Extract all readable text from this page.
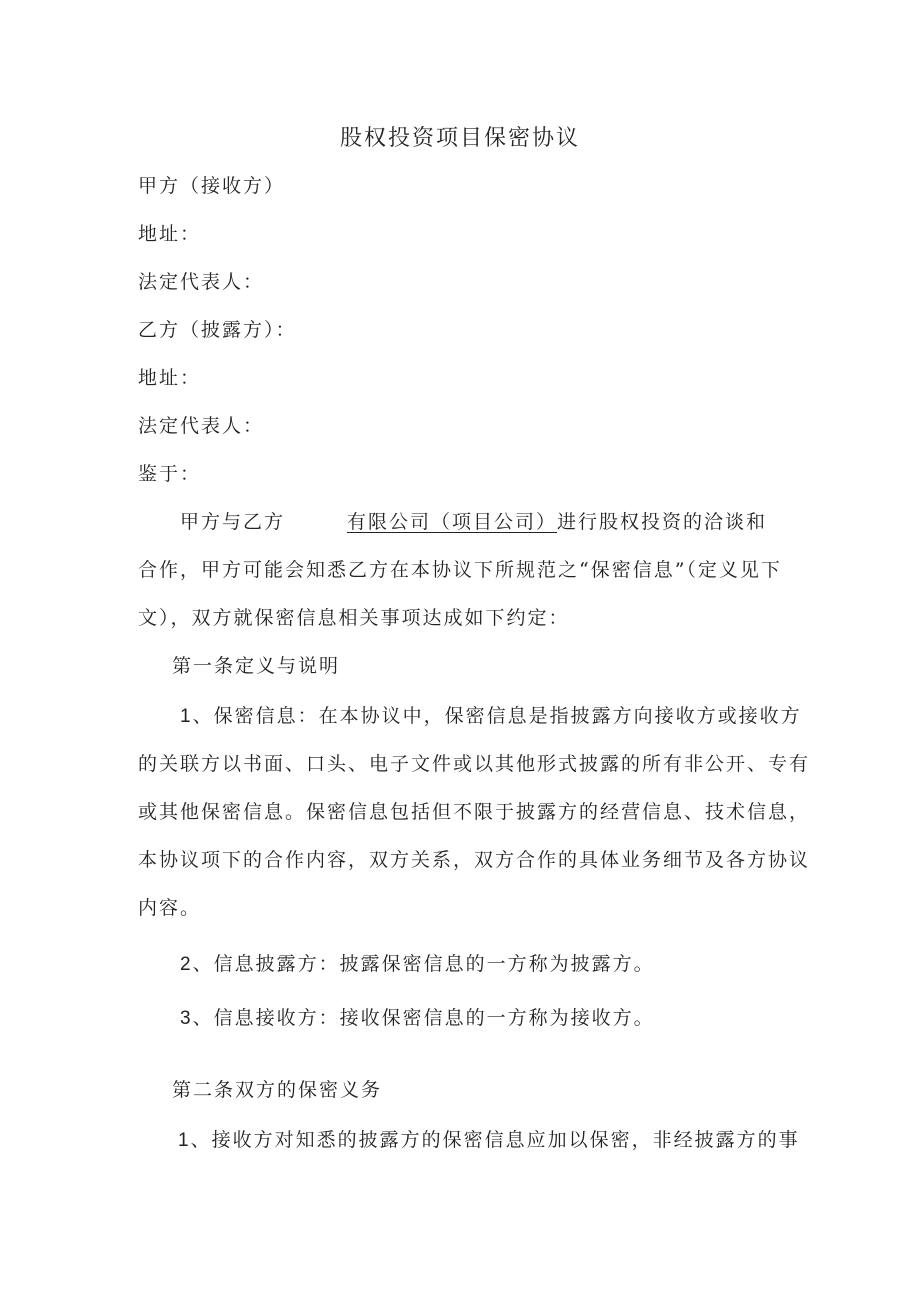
股权投资项目保密协议
甲方（接收方）
地址：
法定代表人：
乙方（披露方）：
地址：
法定代表人：
鉴于：
甲方与乙方	有限公司（项目公司）进行股权投资的洽谈和
合作，甲方可能会知悉乙方在本协议下所规范之“保密信息”（定义见下
文），双方就保密信息相关事项达成如下约定：
第一条定义与说明
1、保密信息：在本协议中，保密信息是指披露方向接收方或接收方
的关联方以书面、口头、电子文件或以其他形式披露的所有非公开、专有
或其他保密信息。保密信息包括但不限于披露方的经营信息、技术信息，
本协议项下的合作内容，双方关系，双方合作的具体业务细节及各方协议
内容。
2、信息披露方：披露保密信息的一方称为披露方。
3、信息接收方：接收保密信息的一方称为接收方。
第二条双方的保密义务
1、接收方对知悉的披露方的保密信息应加以保密，非经披露方的事
